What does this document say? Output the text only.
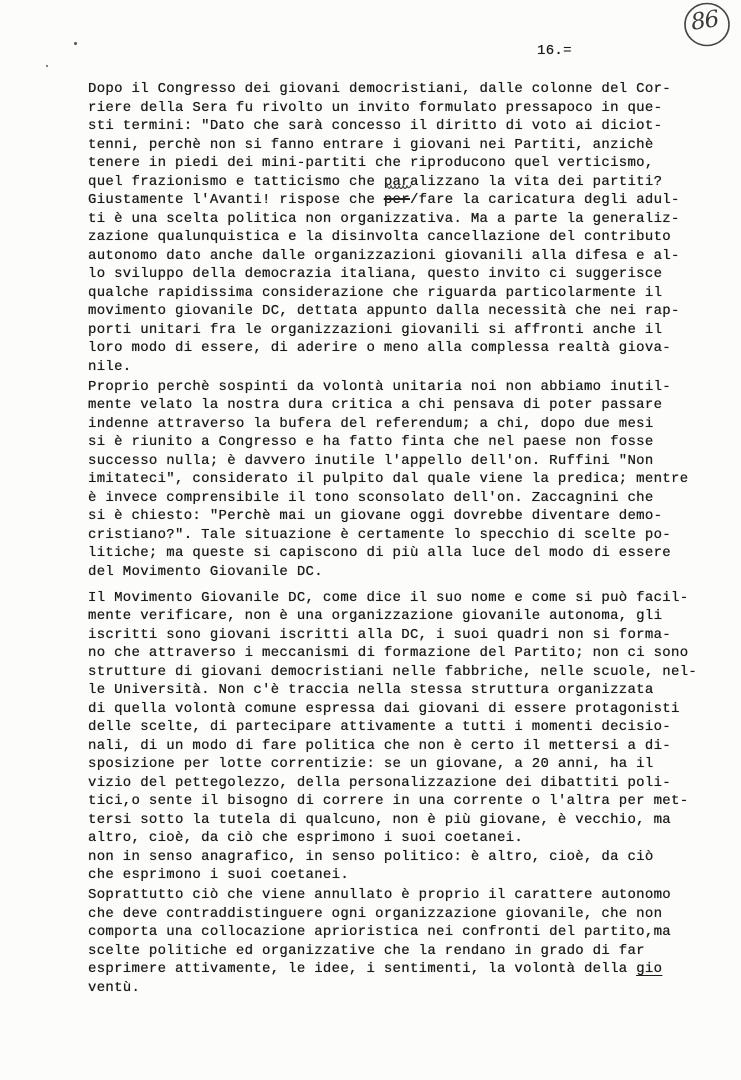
86
16.=
Dopo il Congresso dei giovani democristiani, dalle colonne del Cor-
riere della Sera fu rivolto un invito formulato pressapoco in que-
sti termini: "Dato che sarà concesso il diritto di voto ai diciot-
tenni, perchè non si fanno entrare i giovani nei Partiti, anzichè
tenere in piedi dei mini-partiti che riproducono quel verticismo,
quel frazionismo e tatticismo che paralizzano la vita dei partiti?
Giustamente l'Avanti! rispose che per
/fare la caricatura degli adul-
ti è una scelta politica non organizzativa. Ma a parte la generaliz-
zazione qualunquistica e la disinvolta cancellazione del contributo
autonomo dato anche dalle organizzazioni giovanili alla difesa e al-
lo sviluppo della democrazia italiana, questo invito ci suggerisce
qualche rapidissima considerazione che riguarda particolarmente il
movimento giovanile DC, dettata appunto dalla necessità che nei rap-
porti unitari fra le organizzazioni giovanili si affronti anche il
loro modo di essere, di aderire o meno alla complessa realtà giova-
nile.
Proprio perchè sospinti da volontà unitaria noi non abbiamo inutil-
mente velato la nostra dura critica a chi pensava di poter passare
indenne attraverso la bufera del referendum; a chi, dopo due mesi
si è riunito a Congresso e ha fatto finta che nel paese non fosse
successo nulla; è davvero inutile l'appello dell'on. Ruffini "Non
imitateci", considerato il pulpito dal quale viene la predica; mentre
è invece comprensibile il tono sconsolato dell'on. Zaccagnini che
si è chiesto: "Perchè mai un giovane oggi dovrebbe diventare demo-
cristiano?". Tale situazione è certamente lo specchio di scelte po-
litiche; ma queste si capiscono di più alla luce del modo di essere
del Movimento Giovanile DC.
Il Movimento Giovanile DC, come dice il suo nome e come si può facil-
mente verificare, non è una organizzazione giovanile autonoma, gli
iscritti sono giovani iscritti alla DC, i suoi quadri non si forma-
no che attraverso i meccanismi di formazione del Partito; non ci sono
strutture di giovani democristiani nelle fabbriche, nelle scuole, nel-
le Università. Non c'è traccia nella stessa struttura organizzata
di quella volontà comune espressa dai giovani di essere protagonisti
delle scelte, di partecipare attivamente a tutti i momenti decisio-
nali, di un modo di fare politica che non è certo il mettersi a di-
sposizione per lotte correntizie: se un giovane, a 20 anni, ha il
vizio del pettegolezzo, della personalizzazione dei dibattiti poli-
tici,o sente il bisogno di correre in una corrente o l'altra per met-
tersi sotto la tutela di qualcuno, non è più giovane, è vecchio, ma
altro, cioè, da ciò che esprimono i suoi coetanei.
non in senso anagrafico, in senso politico: è altro, cioè, da ciò
che esprimono i suoi coetanei.
Soprattutto ciò che viene annullato è proprio il carattere autonomo
che deve contraddistinguere ogni organizzazione giovanile, che non
comporta una collocazione aprioristica nei confronti del partito,ma
scelte politiche ed organizzative che la rendano in grado di far
esprimere attivamente, le idee, i sentimenti, la volontà della gio
ventù.
